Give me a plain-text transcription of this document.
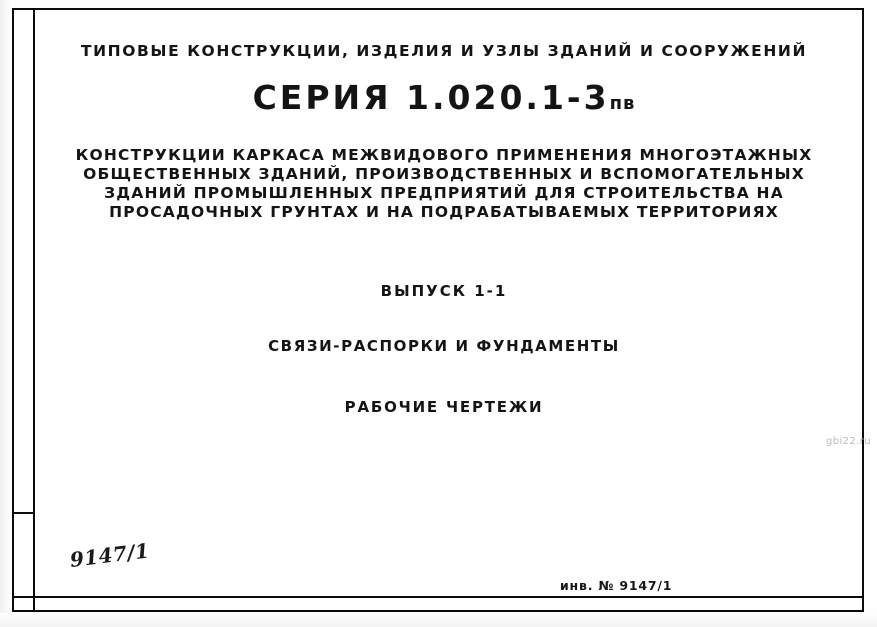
ТИПОВЫЕ КОНСТРУКЦИИ, ИЗДЕЛИЯ И УЗЛЫ ЗДАНИЙ И СООРУЖЕНИЙ
СЕРИЯ 1.020.1-3пв
КОНСТРУКЦИИ КАРКАСА МЕЖВИДОВОГО ПРИМЕНЕНИЯ МНОГОЭТАЖНЫХ
ОБЩЕСТВЕННЫХ ЗДАНИЙ, ПРОИЗВОДСТВЕННЫХ И ВСПОМОГАТЕЛЬНЫХ
ЗДАНИЙ ПРОМЫШЛЕННЫХ ПРЕДПРИЯТИЙ ДЛЯ СТРОИТЕЛЬСТВА НА
ПРОСАДОЧНЫХ ГРУНТАХ И НА ПОДРАБАТЫВАЕМЫХ ТЕРРИТОРИЯХ
ВЫПУСК 1-1
СВЯЗИ-РАСПОРКИ И ФУНДАМЕНТЫ
РАБОЧИЕ ЧЕРТЕЖИ
9147/1
инв. № 9147/1
gbi22.ru
